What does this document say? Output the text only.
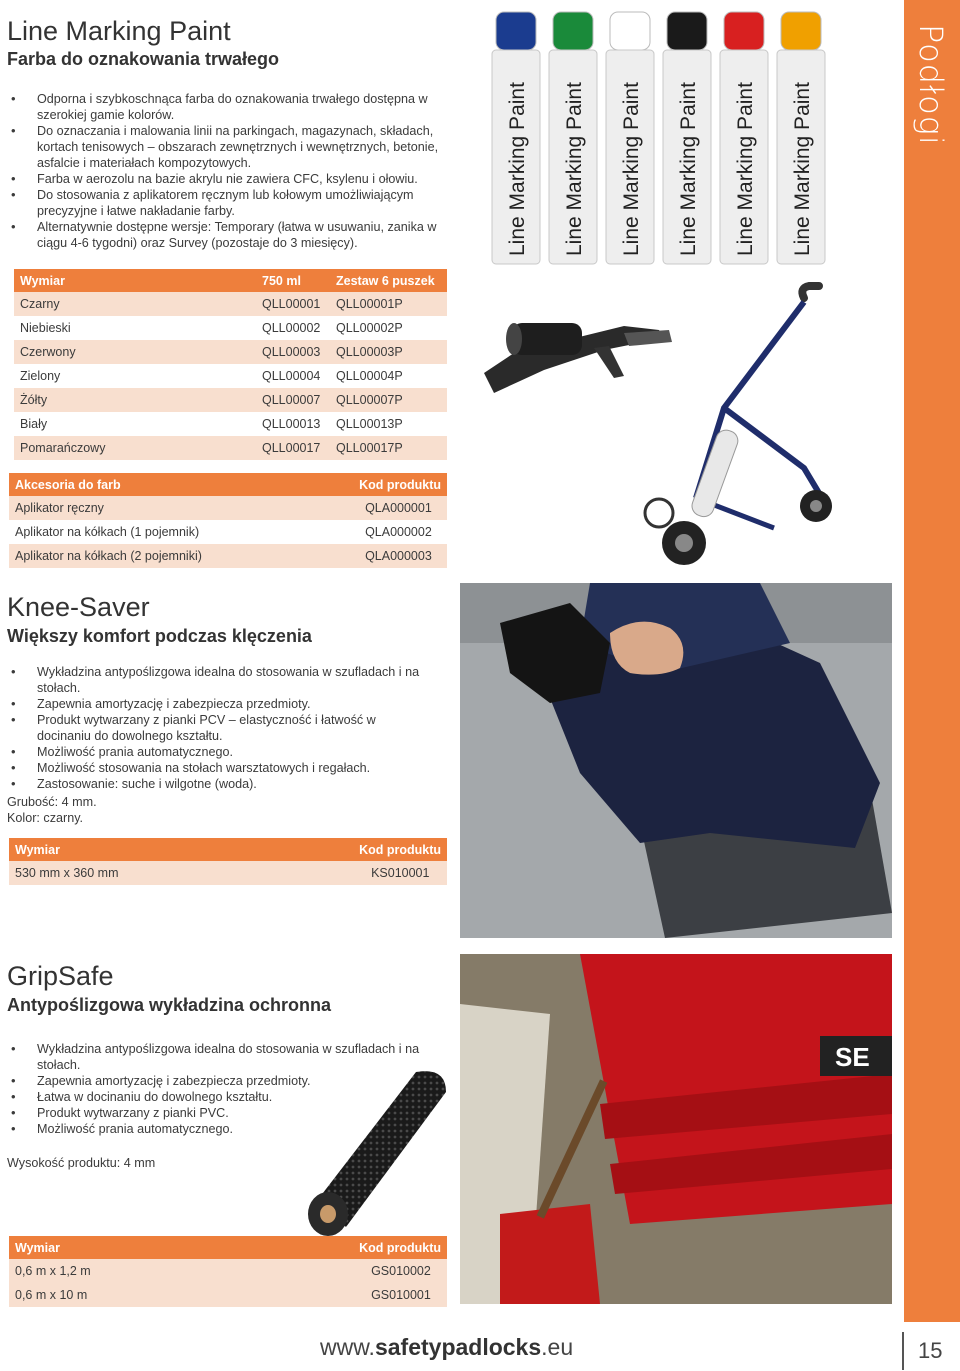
Podłogi
Line Marking Paint
Farba do oznakowania trwałego
• Odporna i szybkoschnąca farba do oznakowania trwałego dostępna w szerokiej gamie kolorów.
• Do oznaczania i malowania linii na parkingach, magazynach, składach, kortach tenisowych – obszarach zewnętrznych i wewnętrznych, betonie, asfalcie i materiałach kompozytowych.
• Farba w aerozolu na bazie akrylu nie zawiera CFC, ksylenu i ołowiu.
• Do stosowania z aplikatorem ręcznym lub kołowym umożliwiającym precyzyjne i łatwe nakładanie farby.
• Alternatywnie dostępne wersje: Temporary (łatwa w usuwaniu, zanika w ciągu 4-6 tygodni) oraz Survey (pozostaje do 3 miesięcy).	Line Marking Paint Line Marking Paint Line Marking Paint Line Marking Paint Line Marking Paint Line Marking Paint
Wymiar	750 ml	Zestaw 6 puszek
Czarny	QLL00001	QLL00001P
Niebieski	QLL00002	QLL00002P
Czerwony	QLL00003	QLL00003P
Zielony	QLL00004	QLL00004P
Żółty	QLL00007	QLL00007P
Biały	QLL00013	QLL00013P
Pomarańczowy	QLL00017	QLL00017P
Akcesoria do farb	Kod produktu
Aplikator ręczny	QLA000001
Aplikator na kółkach (1 pojemnik)	QLA000002
Aplikator na kółkach (2 pojemniki)	QLA000003
Knee-Saver
Większy komfort podczas klęczenia
• Wykładzina antypoślizgowa idealna do stosowania w szufladach i na stołach.
• Zapewnia amortyzację i zabezpiecza przedmioty.
• Produkt wytwarzany z pianki PCV – elastyczność i łatwość w docinaniu do dowolnego kształtu.
• Możliwość prania automatycznego.
• Możliwość stosowania na stołach warsztatowych i regałach.
• Zastosowanie: suche i wilgotne (woda).
Grubość: 4 mm.
Kolor: czarny.
Wymiar	Kod produktu
530 mm x 360 mm	KS010001
GripSafe
Antypoślizgowa wykładzina ochronna
• Wykładzina antypoślizgowa idealna do stosowania w szufladach i na stołach.
• Zapewnia amortyzację i zabezpiecza przedmioty.
• Łatwa w docinaniu do dowolnego kształtu.
• Produkt wytwarzany z pianki PVC.
• Możliwość prania automatycznego.
Wysokość produktu: 4 mm
SE
Wymiar	Kod produktu
0,6 m x 1,2 m	GS010002
0,6 m x 10 m	GS010001
www.safetypadlocks.eu	15
